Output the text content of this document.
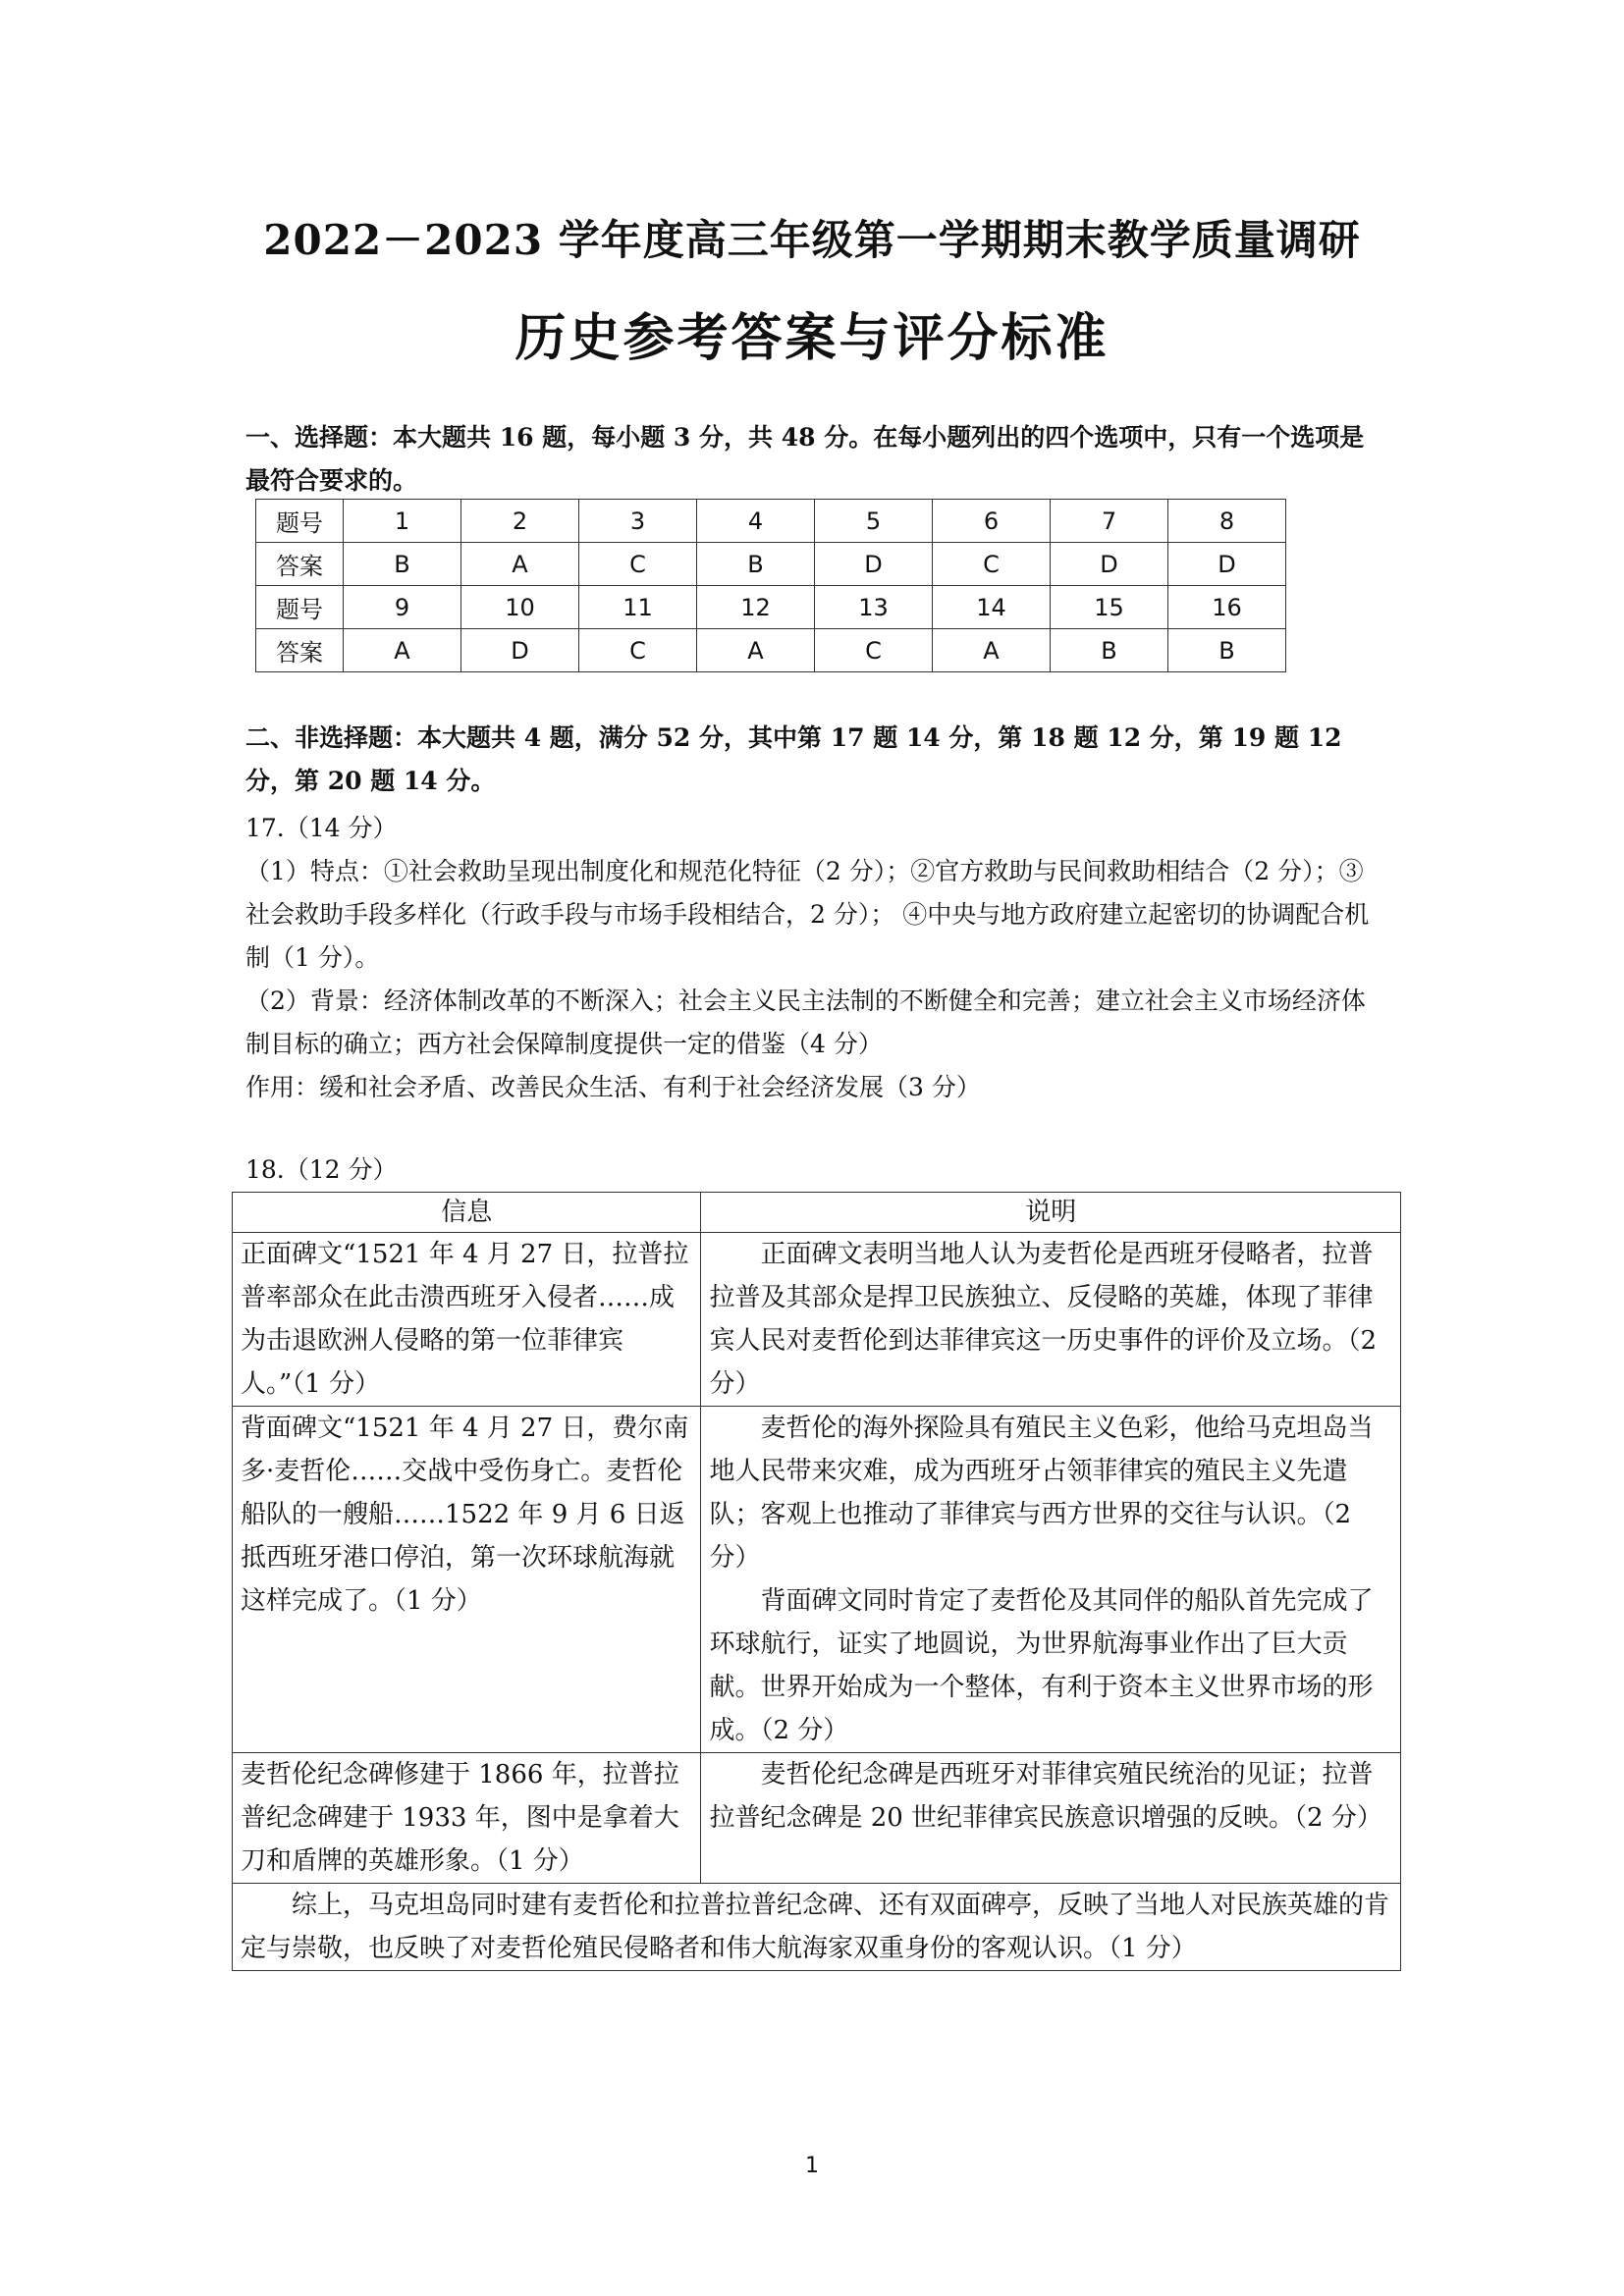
2022－2023 学年度高三年级第一学期期末教学质量调研
历史参考答案与评分标准
一、选择题：本大题共 16 题，每小题 3 分，共 48 分。在每小题列出的四个选项中，只有一个选项是最符合要求的。
题号	1	2	3	4	5	6	7	8
答案	B	A	C	B	D	C	D	D
题号	9	10	11	12	13	14	15	16
答案	A	D	C	A	C	A	B	B
二、非选择题：本大题共 4 题，满分 52 分，其中第 17 题 14 分，第 18 题 12 分，第 19 题 12 分，第 20 题 14 分。
17.（14 分）

（1）特点：①社会救助呈现出制度化和规范化特征（2 分）；②官方救助与民间救助相结合（2 分）；③社会救助手段多样化（行政手段与市场手段相结合，2 分）； ④中央与地方政府建立起密切的协调配合机制（1 分）。

（2）背景：经济体制改革的不断深入；社会主义民主法制的不断健全和完善；建立社会主义市场经济体制目标的确立；西方社会保障制度提供一定的借鉴（4 分）

作用：缓和社会矛盾、改善民众生活、有利于社会经济发展（3 分）

18.（12 分）
信息	说明
正面碑文“1521 年 4 月 27 日，拉普拉普率部众在此击溃西班牙入侵者……成为击退欧洲人侵略的第一位菲律宾人。”（1 分）	正面碑文表明当地人认为麦哲伦是西班牙侵略者，拉普拉普及其部众是捍卫民族独立、反侵略的英雄，体现了菲律宾人民对麦哲伦到达菲律宾这一历史事件的评价及立场。（2 分）

背面碑文“1521 年 4 月 27 日，费尔南多·麦哲伦……交战中受伤身亡。麦哲伦船队的一艘船……1522 年 9 月 6 日返抵西班牙港口停泊，第一次环球航海就这样完成了。（1 分）	麦哲伦的海外探险具有殖民主义色彩，他给马克坦岛当地人民带来灾难，成为西班牙占领菲律宾的殖民主义先遣队；客观上也推动了菲律宾与西方世界的交往与认识。（2 分）

背面碑文同时肯定了麦哲伦及其同伴的船队首先完成了环球航行，证实了地圆说，为世界航海事业作出了巨大贡献。世界开始成为一个整体，有利于资本主义世界市场的形成。（2 分）

麦哲伦纪念碑修建于 1866 年，拉普拉普纪念碑建于 1933 年，图中是拿着大刀和盾牌的英雄形象。（1 分）	麦哲伦纪念碑是西班牙对菲律宾殖民统治的见证；拉普拉普纪念碑是 20 世纪菲律宾民族意识增强的反映。（2 分）

综上，马克坦岛同时建有麦哲伦和拉普拉普纪念碑、还有双面碑亭，反映了当地人对民族英雄的肯定与崇敬，也反映了对麦哲伦殖民侵略者和伟大航海家双重身份的客观认识。（1 分）	

1
